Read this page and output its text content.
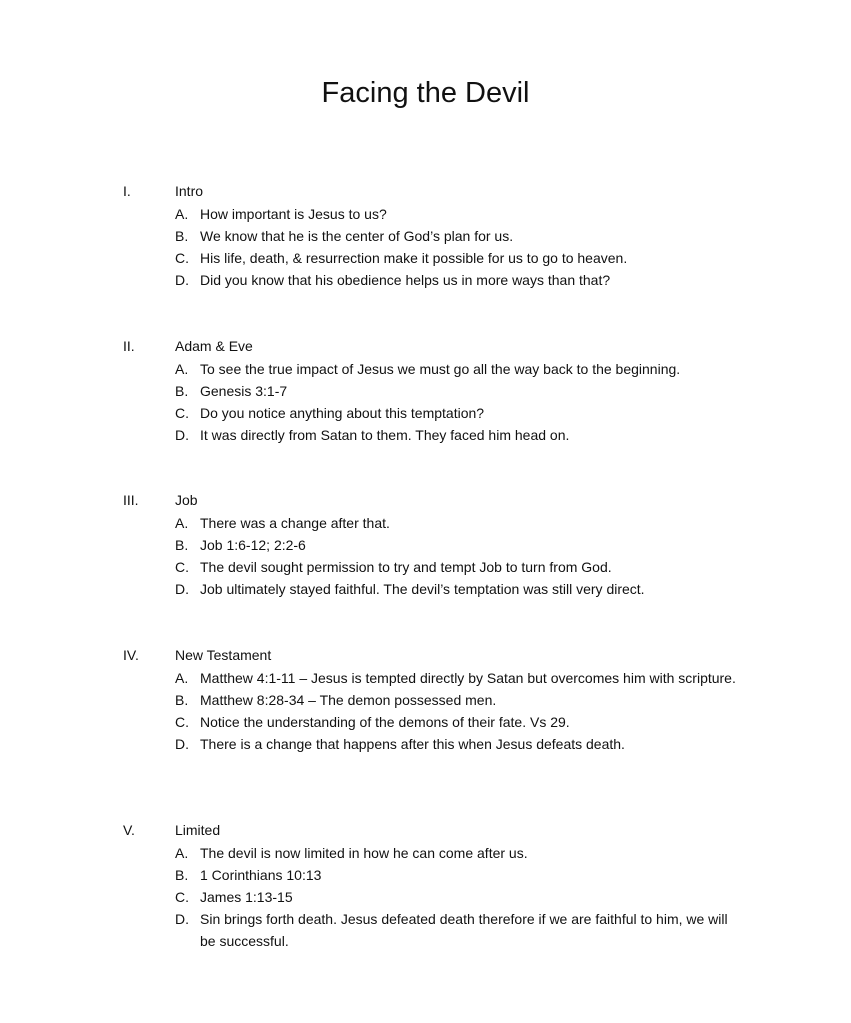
Facing the Devil
I.	Intro
A. How important is Jesus to us?
B. We know that he is the center of God’s plan for us.
C. His life, death, & resurrection make it possible for us to go to heaven.
D. Did you know that his obedience helps us in more ways than that?
II.	Adam & Eve
A. To see the true impact of Jesus we must go all the way back to the beginning.
B. Genesis 3:1-7
C. Do you notice anything about this temptation?
D. It was directly from Satan to them. They faced him head on.
III.	Job
A. There was a change after that.
B. Job 1:6-12; 2:2-6
C. The devil sought permission to try and tempt Job to turn from God.
D. Job ultimately stayed faithful. The devil’s temptation was still very direct.
IV.	New Testament
A. Matthew 4:1-11 – Jesus is tempted directly by Satan but overcomes him with scripture.
B. Matthew 8:28-34 – The demon possessed men.
C. Notice the understanding of the demons of their fate. Vs 29.
D. There is a change that happens after this when Jesus defeats death.
V.	Limited
A. The devil is now limited in how he can come after us.
B. 1 Corinthians 10:13
C. James 1:13-15
D. Sin brings forth death. Jesus defeated death therefore if we are faithful to him, we will be successful.
